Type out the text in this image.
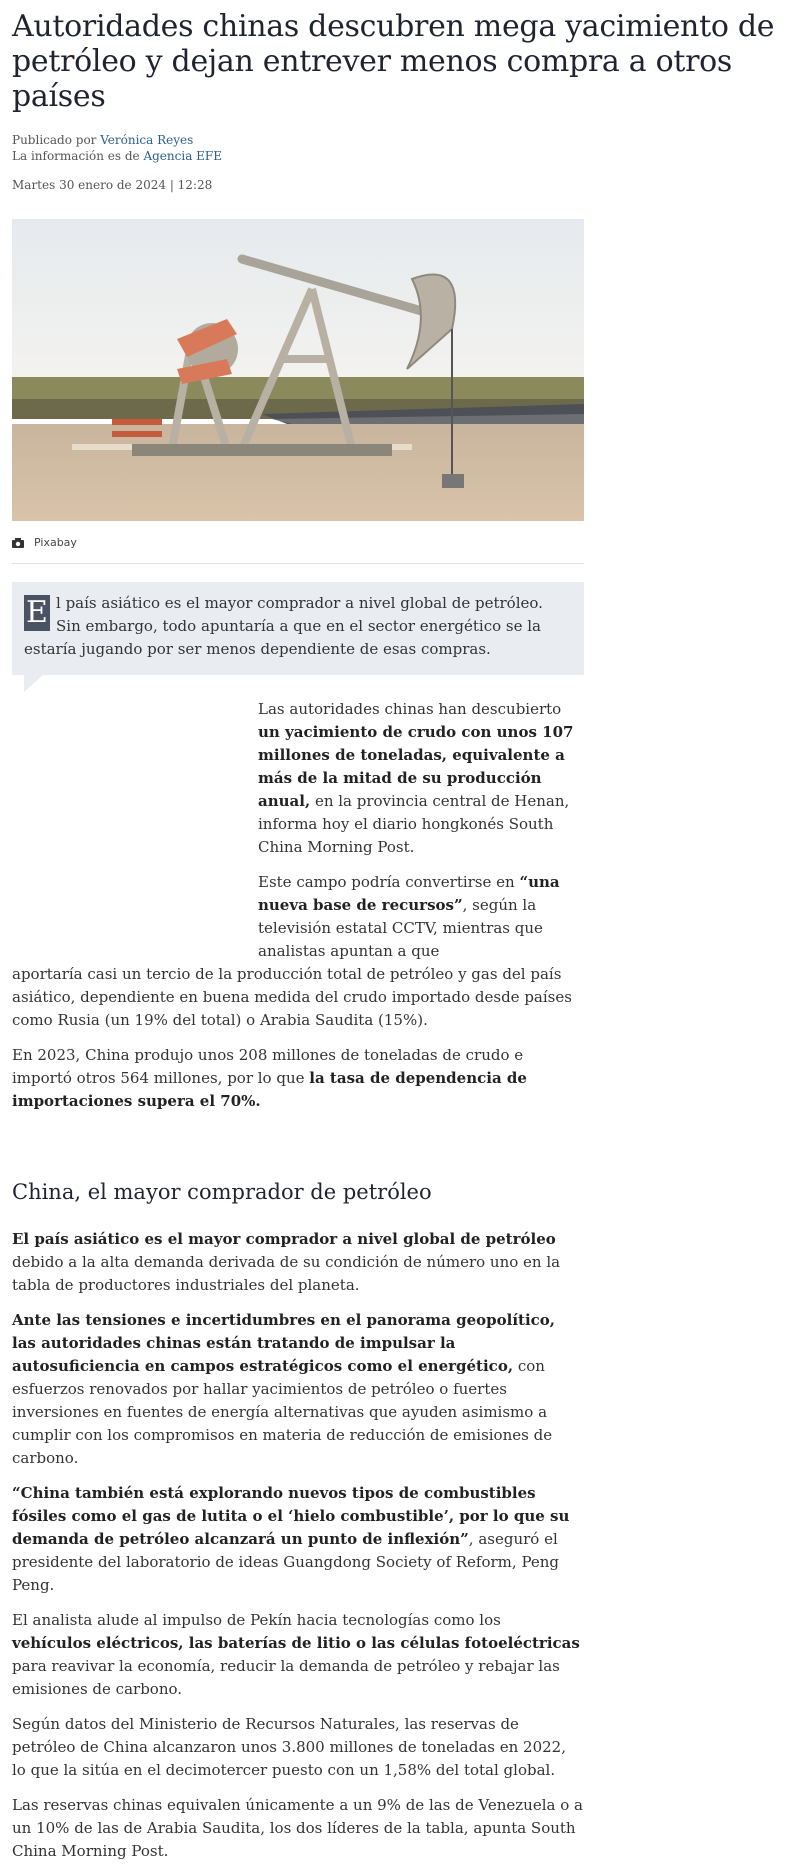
Autoridades chinas descubren mega yacimiento de petróleo y dejan entrever menos compra a otros países
Publicado por Verónica Reyes
La información es de Agencia EFE
Martes 30 enero de 2024 | 12:28
Pixabay
E l país asiático es el mayor comprador a nivel global de petróleo. Sin embargo, todo apuntaría a que en el sector energético se la estaría jugando por ser menos dependiente de esas compras.

Las autoridades chinas han descubierto un yacimiento de crudo con unos 107 millones de toneladas, equivalente a más de la mitad de su producción anual, en la provincia central de Henan, informa hoy el diario hongkonés South China Morning Post.

Este campo podría convertirse en “una nueva base de recursos”, según la televisión estatal CCTV, mientras que analistas apuntan a que
aportaría casi un tercio de la producción total de petróleo y gas del país asiático, dependiente en buena medida del crudo importado desde países como Rusia (un 19% del total) o Arabia Saudita (15%).

En 2023, China produjo unos 208 millones de toneladas de crudo e importó otros 564 millones, por lo que la tasa de dependencia de importaciones supera el 70%.

China, el mayor comprador de petróleo

El país asiático es el mayor comprador a nivel global de petróleo debido a la alta demanda derivada de su condición de número uno en la tabla de productores industriales del planeta.

Ante las tensiones e incertidumbres en el panorama geopolítico, las autoridades chinas están tratando de impulsar la autosuficiencia en campos estratégicos como el energético, con esfuerzos renovados por hallar yacimientos de petróleo o fuertes inversiones en fuentes de energía alternativas que ayuden asimismo a cumplir con los compromisos en materia de reducción de emisiones de carbono.

“China también está explorando nuevos tipos de combustibles fósiles como el gas de lutita o el ‘hielo combustible’, por lo que su demanda de petróleo alcanzará un punto de inflexión”, aseguró el presidente del laboratorio de ideas Guangdong Society of Reform, Peng Peng.

El analista alude al impulso de Pekín hacia tecnologías como los vehículos eléctricos, las baterías de litio o las células fotoeléctricas para reavivar la economía, reducir la demanda de petróleo y rebajar las emisiones de carbono.

Según datos del Ministerio de Recursos Naturales, las reservas de petróleo de China alcanzaron unos 3.800 millones de toneladas en 2022, lo que la sitúa en el decimotercer puesto con un 1,58% del total global.

Las reservas chinas equivalen únicamente a un 9% de las de Venezuela o a un 10% de las de Arabia Saudita, los dos líderes de la tabla, apunta South China Morning Post.
